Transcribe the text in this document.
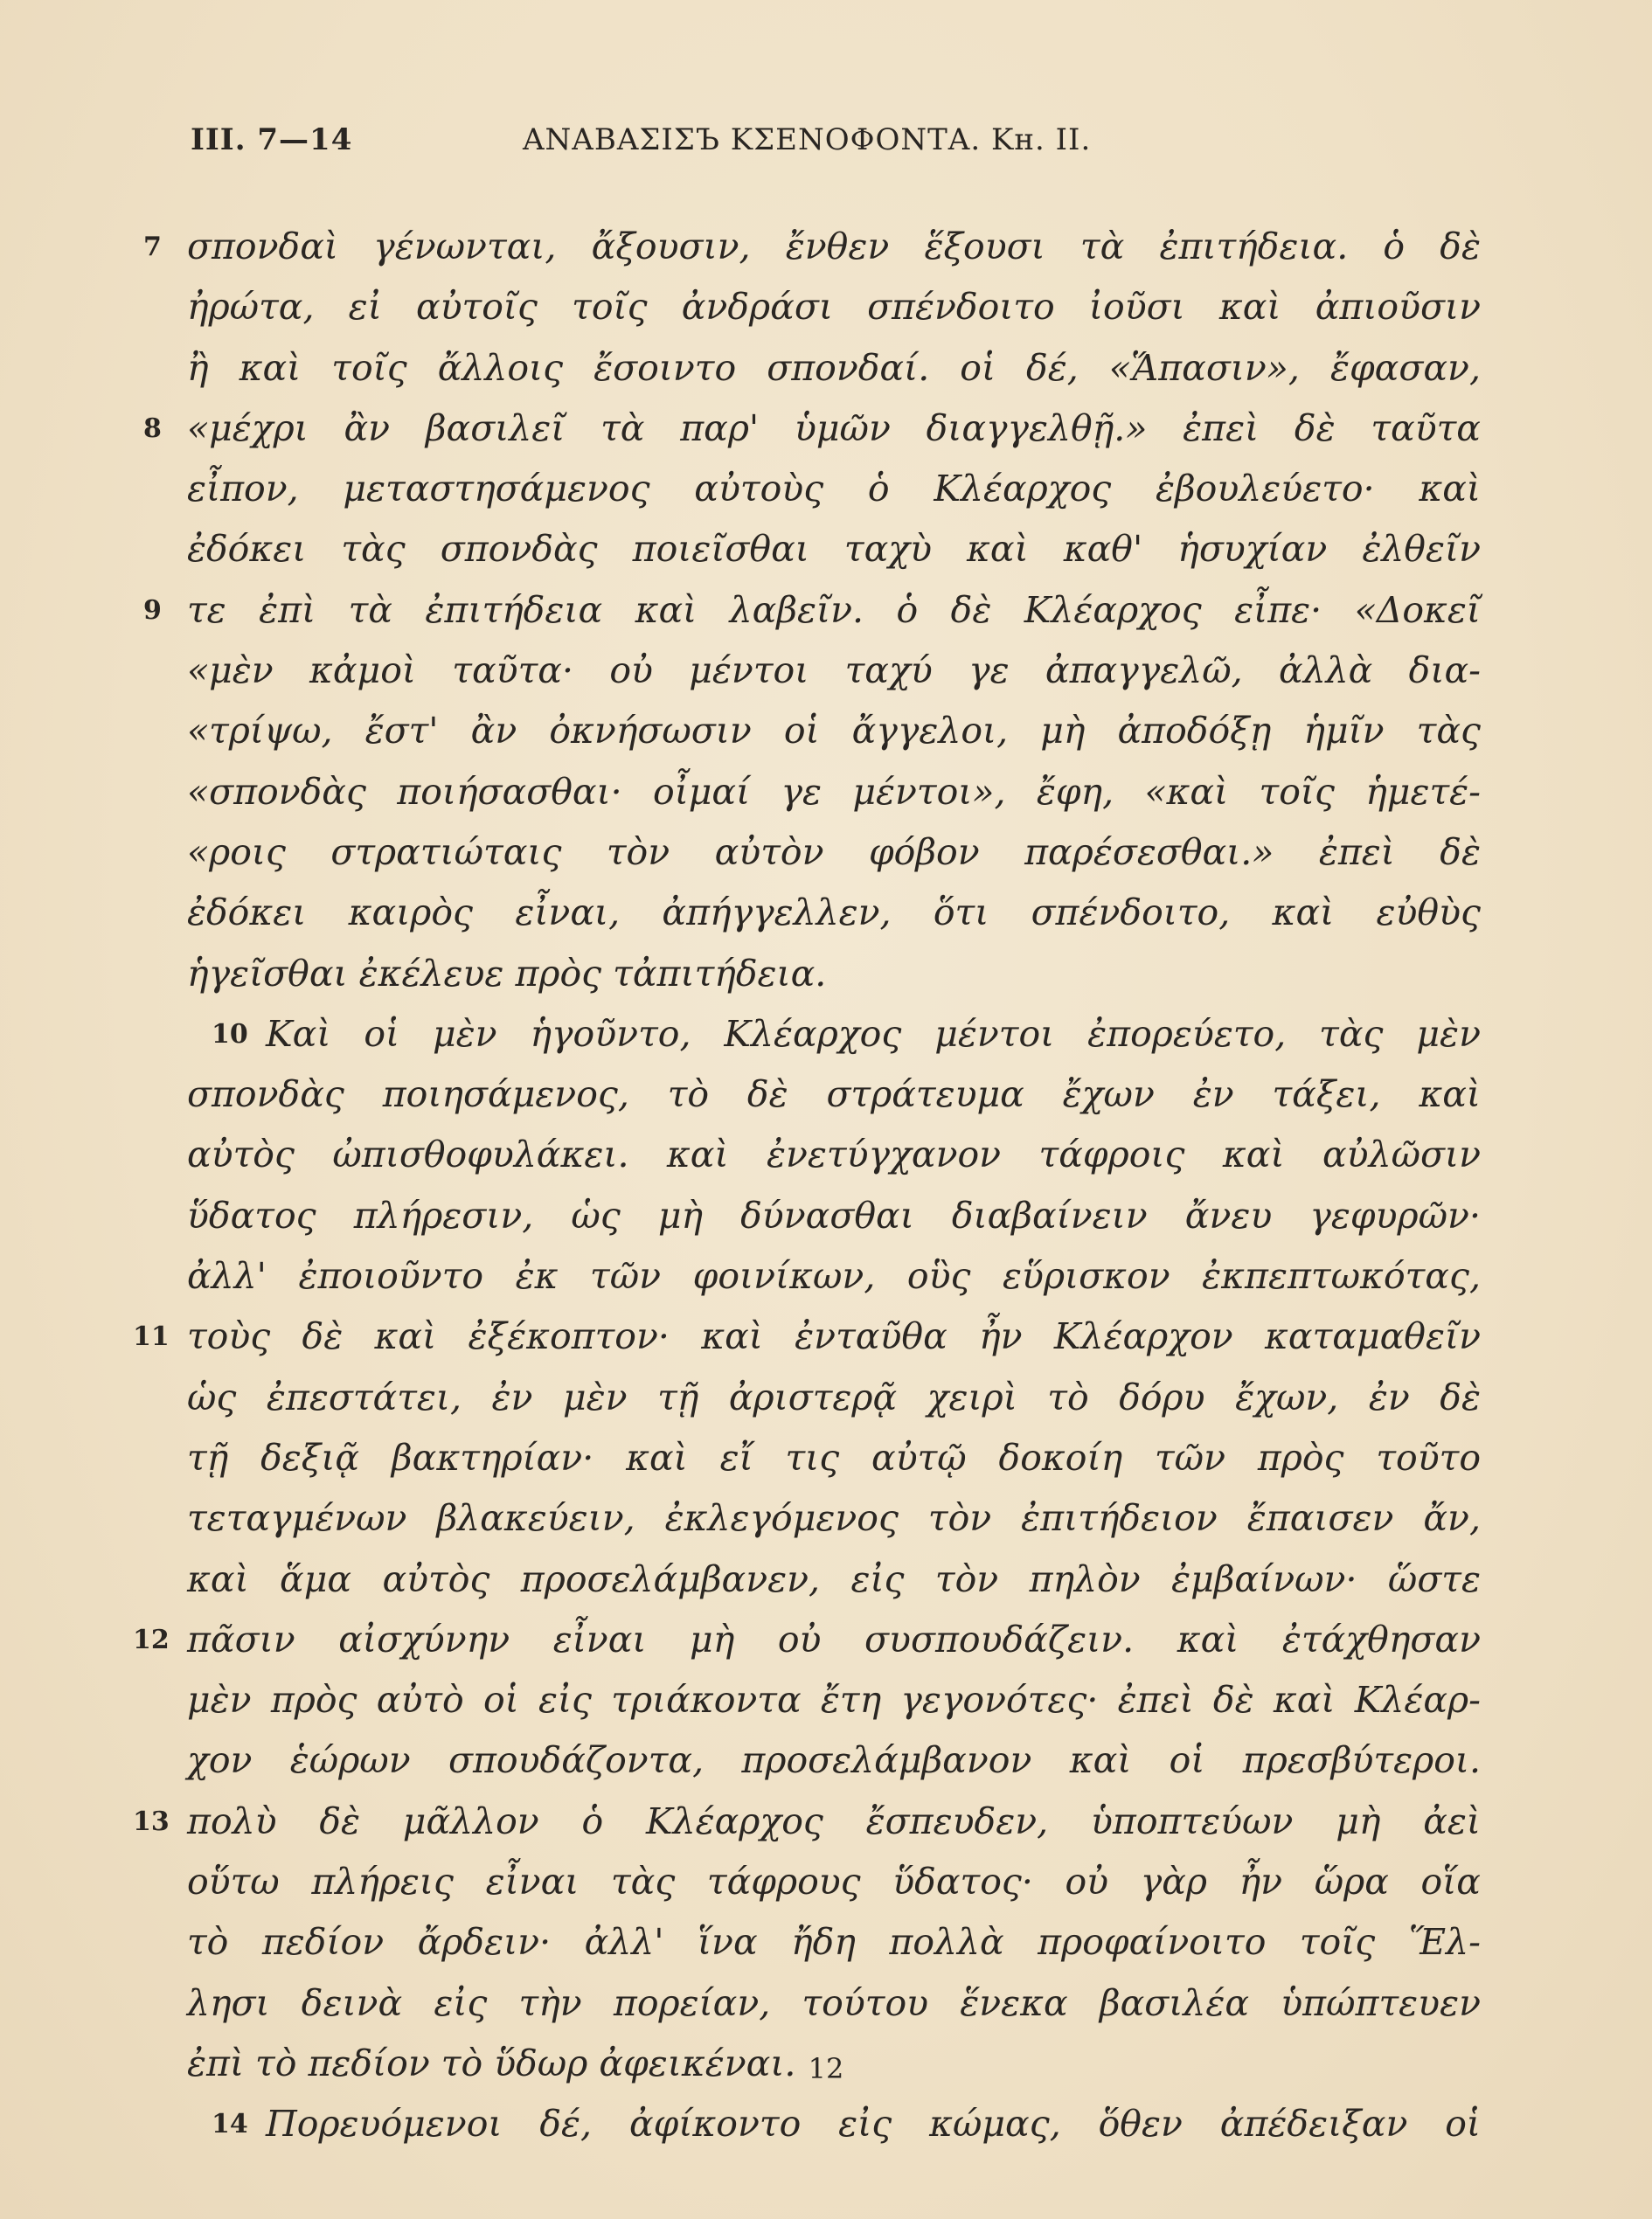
III. 7—14	ΑΝΑΒΑΣΙΣЪ ΚΣΕΝΟΦΟΝΤΑ. Κн. II.
7 σπονδαὶ γένωνται, ἄξουσιν, ἔνθεν ἕξουσι τὰ ἐπιτήδεια. ὁ δὲ
ἠρώτα, εἰ αὐτοῖς τοῖς ἀνδράσι σπένδοιτο ἰοῦσι καὶ ἀπιοῦσιν
ἢ καὶ τοῖς ἄλλοις ἔσοιντο σπονδαί. οἱ δέ, «Ἅπασιν», ἔφασαν,
8 «μέχρι ἂν βασιλεῖ τὰ παρ' ὑμῶν διαγγελθῇ.» ἐπεὶ δὲ ταῦτα
εἶπον, μεταστησάμενος αὐτοὺς ὁ Κλέαρχος ἐβουλεύετο· καὶ
ἐδόκει τὰς σπονδὰς ποιεῖσθαι ταχὺ καὶ καθ' ἡσυχίαν ἐλθεῖν
9 τε ἐπὶ τὰ ἐπιτήδεια καὶ λαβεῖν. ὁ δὲ Κλέαρχος εἶπε· «Δοκεῖ
«μὲν κἀμοὶ ταῦτα· οὐ μέντοι ταχύ γε ἀπαγγελῶ, ἀλλὰ δια-
«τρίψω, ἔστ' ἂν ὀκνήσωσιν οἱ ἄγγελοι, μὴ ἀποδόξῃ ἡμῖν τὰς
«σπονδὰς ποιήσασθαι· οἶμαί γε μέντοι», ἔφη, «καὶ τοῖς ἡμετέ-
«ροις στρατιώταις τὸν αὐτὸν φόβον παρέσεσθαι.» ἐπεὶ δὲ
ἐδόκει καιρὸς εἶναι, ἀπήγγελλεν, ὅτι σπένδοιτο, καὶ εὐθὺς
ἡγεῖσθαι ἐκέλευε πρὸς τἀπιτήδεια.
10 Καὶ οἱ μὲν ἡγοῦντο, Κλέαρχος μέντοι ἐπορεύετο, τὰς μὲν
σπονδὰς ποιησάμενος, τὸ δὲ στράτευμα ἔχων ἐν τάξει, καὶ
αὐτὸς ὠπισθοφυλάκει. καὶ ἐνετύγχανον τάφροις καὶ αὐλῶσιν
ὕδατος πλήρεσιν, ὡς μὴ δύνασθαι διαβαίνειν ἄνευ γεφυρῶν·
ἀλλ' ἐποιοῦντο ἐκ τῶν φοινίκων, οὓς εὕρισκον ἐκπεπτωκότας,
11 τοὺς δὲ καὶ ἐξέκοπτον· καὶ ἐνταῦθα ἦν Κλέαρχον καταμαθεῖν
ὡς ἐπεστάτει, ἐν μὲν τῇ ἀριστερᾷ χειρὶ τὸ δόρυ ἔχων, ἐν δὲ
τῇ δεξιᾷ βακτηρίαν· καὶ εἴ τις αὐτῷ δοκοίη τῶν πρὸς τοῦτο
τεταγμένων βλακεύειν, ἐκλεγόμενος τὸν ἐπιτήδειον ἔπαισεν ἄν,
καὶ ἅμα αὐτὸς προσελάμβανεν, εἰς τὸν πηλὸν ἐμβαίνων· ὥστε
12 πᾶσιν αἰσχύνην εἶναι μὴ οὐ συσπουδάζειν. καὶ ἐτάχθησαν
μὲν πρὸς αὐτὸ οἱ εἰς τριάκοντα ἔτη γεγονότες· ἐπεὶ δὲ καὶ Κλέαρ-
χον ἑώρων σπουδάζοντα, προσελάμβανον καὶ οἱ πρεσβύτεροι.
13 πολὺ δὲ μᾶλλον ὁ Κλέαρχος ἔσπευδεν, ὑποπτεύων μὴ ἀεὶ
οὕτω πλήρεις εἶναι τὰς τάφρους ὕδατος· οὐ γὰρ ἦν ὥρα οἵα
τὸ πεδίον ἄρδειν· ἀλλ' ἵνα ἤδη πολλὰ προφαίνοιτο τοῖς Ἕλ-
λησι δεινὰ εἰς τὴν πορείαν, τούτου ἕνεκα βασιλέα ὑπώπτευεν
ἐπὶ τὸ πεδίον τὸ ὕδωρ ἀφεικέναι.
14 Πορευόμενοι δέ, ἀφίκοντο εἰς κώμας, ὅθεν ἀπέδειξαν οἱ
12
